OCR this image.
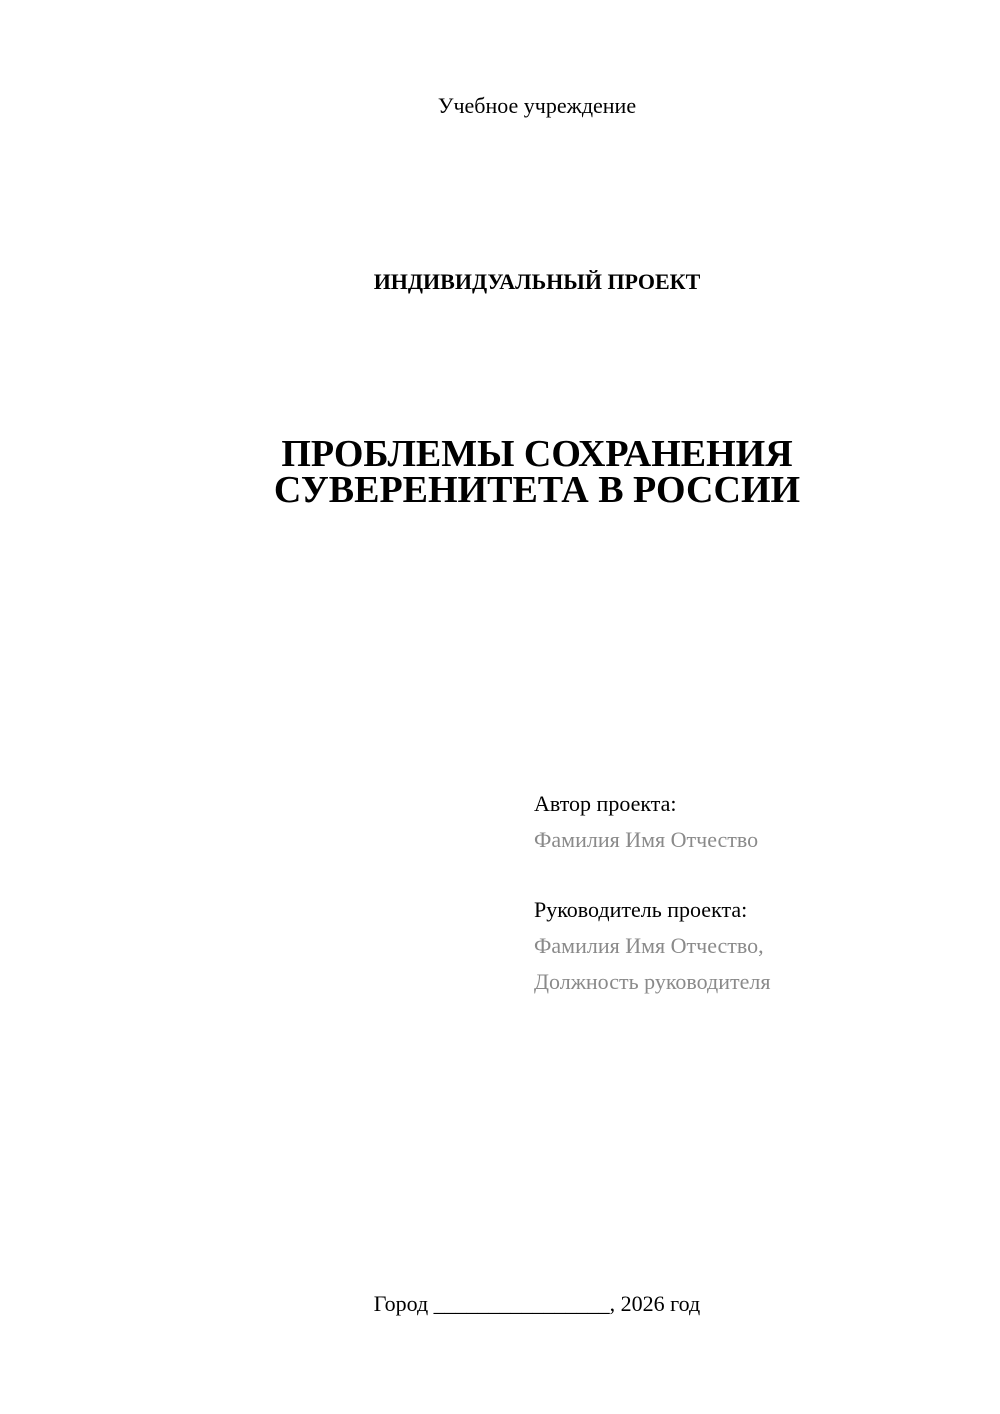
Учебное учреждение
ИНДИВИДУАЛЬНЫЙ ПРОЕКТ
ПРОБЛЕМЫ СОХРАНЕНИЯ
СУВЕРЕНИТЕТА В РОССИИ
Автор проекта:
Фамилия Имя Отчество
Руководитель проекта:
Фамилия Имя Отчество,
Должность руководителя
Город ________________, 2026 год
